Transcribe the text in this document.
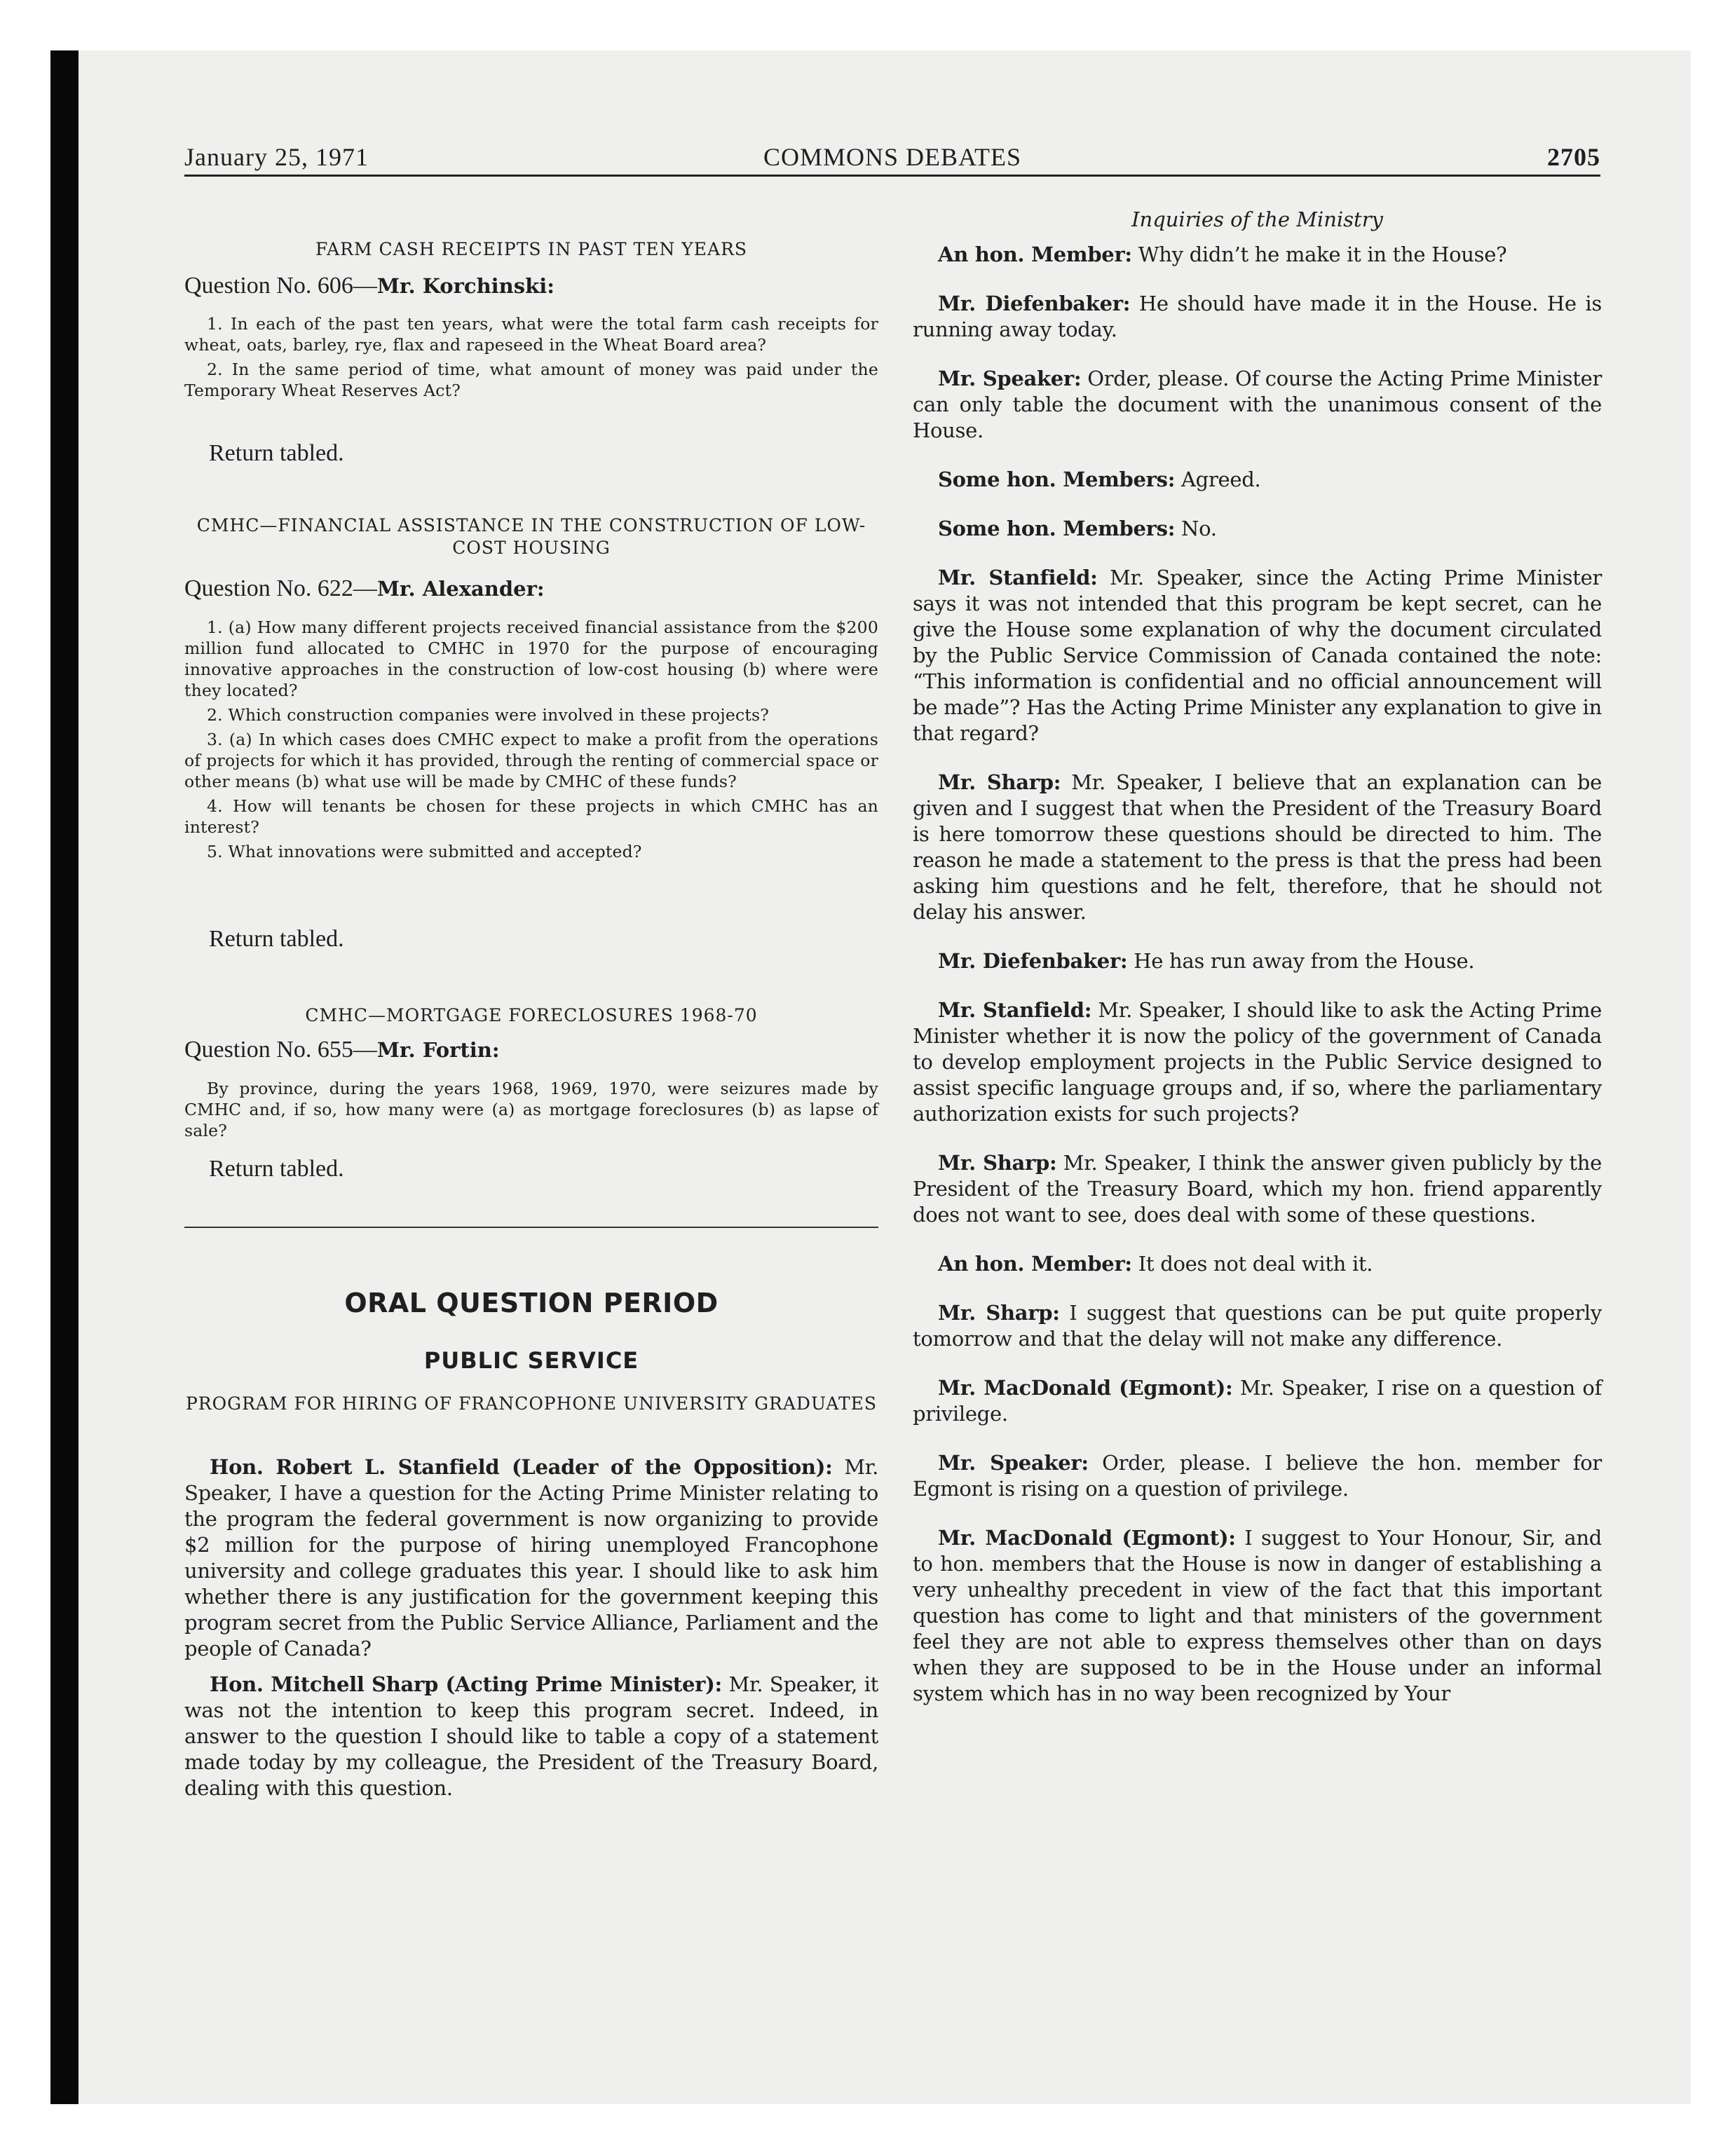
January 25, 1971	COMMONS DEBATES	2705
FARM CASH RECEIPTS IN PAST TEN YEARS
Question No. 606—Mr. Korchinski:

1. In each of the past ten years, what were the total farm cash receipts for wheat, oats, barley, rye, flax and rapeseed in the Wheat Board area?

2. In the same period of time, what amount of money was paid under the Temporary Wheat Reserves Act?

Return tabled.
CMHC—FINANCIAL ASSISTANCE IN THE CONSTRUCTION OF LOW-COST HOUSING
Question No. 622—Mr. Alexander:

1. (a) How many different projects received financial assistance from the $200 million fund allocated to CMHC in 1970 for the purpose of encouraging innovative approaches in the construction of low-cost housing (b) where were they located?

2. Which construction companies were involved in these projects?

3. (a) In which cases does CMHC expect to make a profit from the operations of projects for which it has provided, through the renting of commercial space or other means (b) what use will be made by CMHC of these funds?

4. How will tenants be chosen for these projects in which CMHC has an interest?

5. What innovations were submitted and accepted?

Return tabled.
CMHC—MORTGAGE FORECLOSURES 1968-70
Question No. 655—Mr. Fortin:

By province, during the years 1968, 1969, 1970, were seizures made by CMHC and, if so, how many were (a) as mortgage foreclosures (b) as lapse of sale?

Return tabled.
ORAL QUESTION PERIOD
PUBLIC SERVICE
PROGRAM FOR HIRING OF FRANCOPHONE UNIVERSITY GRADUATES

Hon. Robert L. Stanfield (Leader of the Opposition): Mr. Speaker, I have a question for the Acting Prime Minister relating to the program the federal government is now organizing to provide $2 million for the purpose of hiring unemployed Francophone university and college graduates this year. I should like to ask him whether there is any justification for the government keeping this program secret from the Public Service Alliance, Parliament and the people of Canada?

Hon. Mitchell Sharp (Acting Prime Minister): Mr. Speaker, it was not the intention to keep this program secret. Indeed, in answer to the question I should like to table a copy of a statement made today by my colleague, the President of the Treasury Board, dealing with this question.

Inquiries of the Ministry

An hon. Member: Why didn’t he make it in the House?

Mr. Diefenbaker: He should have made it in the House. He is running away today.

Mr. Speaker: Order, please. Of course the Acting Prime Minister can only table the document with the unanimous consent of the House.

Some hon. Members: Agreed.

Some hon. Members: No.

Mr. Stanfield: Mr. Speaker, since the Acting Prime Minister says it was not intended that this program be kept secret, can he give the House some explanation of why the document circulated by the Public Service Commission of Canada contained the note: “This information is confidential and no official announcement will be made”? Has the Acting Prime Minister any explanation to give in that regard?

Mr. Sharp: Mr. Speaker, I believe that an explanation can be given and I suggest that when the President of the Treasury Board is here tomorrow these questions should be directed to him. The reason he made a statement to the press is that the press had been asking him questions and he felt, therefore, that he should not delay his answer.

Mr. Diefenbaker: He has run away from the House.

Mr. Stanfield: Mr. Speaker, I should like to ask the Acting Prime Minister whether it is now the policy of the government of Canada to develop employment projects in the Public Service designed to assist specific language groups and, if so, where the parliamentary authorization exists for such projects?

Mr. Sharp: Mr. Speaker, I think the answer given publicly by the President of the Treasury Board, which my hon. friend apparently does not want to see, does deal with some of these questions.

An hon. Member: It does not deal with it.

Mr. Sharp: I suggest that questions can be put quite properly tomorrow and that the delay will not make any difference.

Mr. MacDonald (Egmont): Mr. Speaker, I rise on a question of privilege.

Mr. Speaker: Order, please. I believe the hon. member for Egmont is rising on a question of privilege.

Mr. MacDonald (Egmont): I suggest to Your Honour, Sir, and to hon. members that the House is now in danger of establishing a very unhealthy precedent in view of the fact that this important question has come to light and that ministers of the government feel they are not able to express themselves other than on days when they are supposed to be in the House under an informal system which has in no way been recognized by Your
